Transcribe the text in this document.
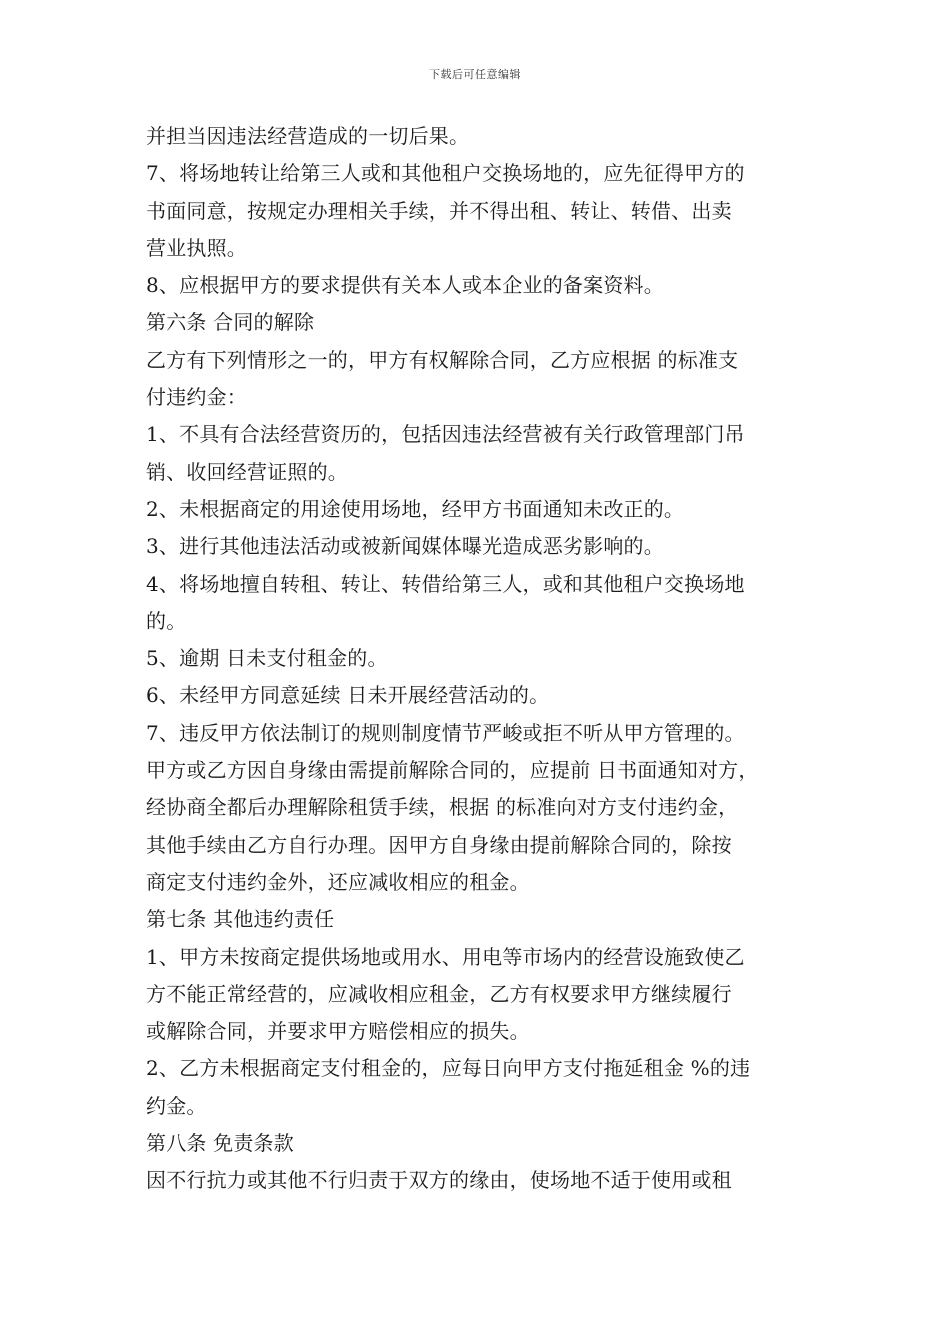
下载后可任意编辑
并担当因违法经营造成的一切后果。
7、将场地转让给第三人或和其他租户交换场地的，应先征得甲方的
书面同意，按规定办理相关手续，并不得出租、转让、转借、出卖
营业执照。
8、应根据甲方的要求提供有关本人或本企业的备案资料。
第六条 合同的解除
乙方有下列情形之一的，甲方有权解除合同，乙方应根据 的标准支
付违约金：
1、不具有合法经营资历的，包括因违法经营被有关行政管理部门吊
销、收回经营证照的。
2、未根据商定的用途使用场地，经甲方书面通知未改正的。
3、进行其他违法活动或被新闻媒体曝光造成恶劣影响的。
4、将场地擅自转租、转让、转借给第三人，或和其他租户交换场地
的。
5、逾期 日未支付租金的。
6、未经甲方同意延续 日未开展经营活动的。
7、违反甲方依法制订的规则制度情节严峻或拒不听从甲方管理的。
甲方或乙方因自身缘由需提前解除合同的，应提前 日书面通知对方，
经协商全都后办理解除租赁手续，根据 的标准向对方支付违约金，
其他手续由乙方自行办理。因甲方自身缘由提前解除合同的，除按
商定支付违约金外，还应减收相应的租金。
第七条 其他违约责任
1、甲方未按商定提供场地或用水、用电等市场内的经营设施致使乙
方不能正常经营的，应减收相应租金，乙方有权要求甲方继续履行
或解除合同，并要求甲方赔偿相应的损失。
2、乙方未根据商定支付租金的，应每日向甲方支付拖延租金 %的违
约金。
第八条 免责条款
因不行抗力或其他不行归责于双方的缘由，使场地不适于使用或租
